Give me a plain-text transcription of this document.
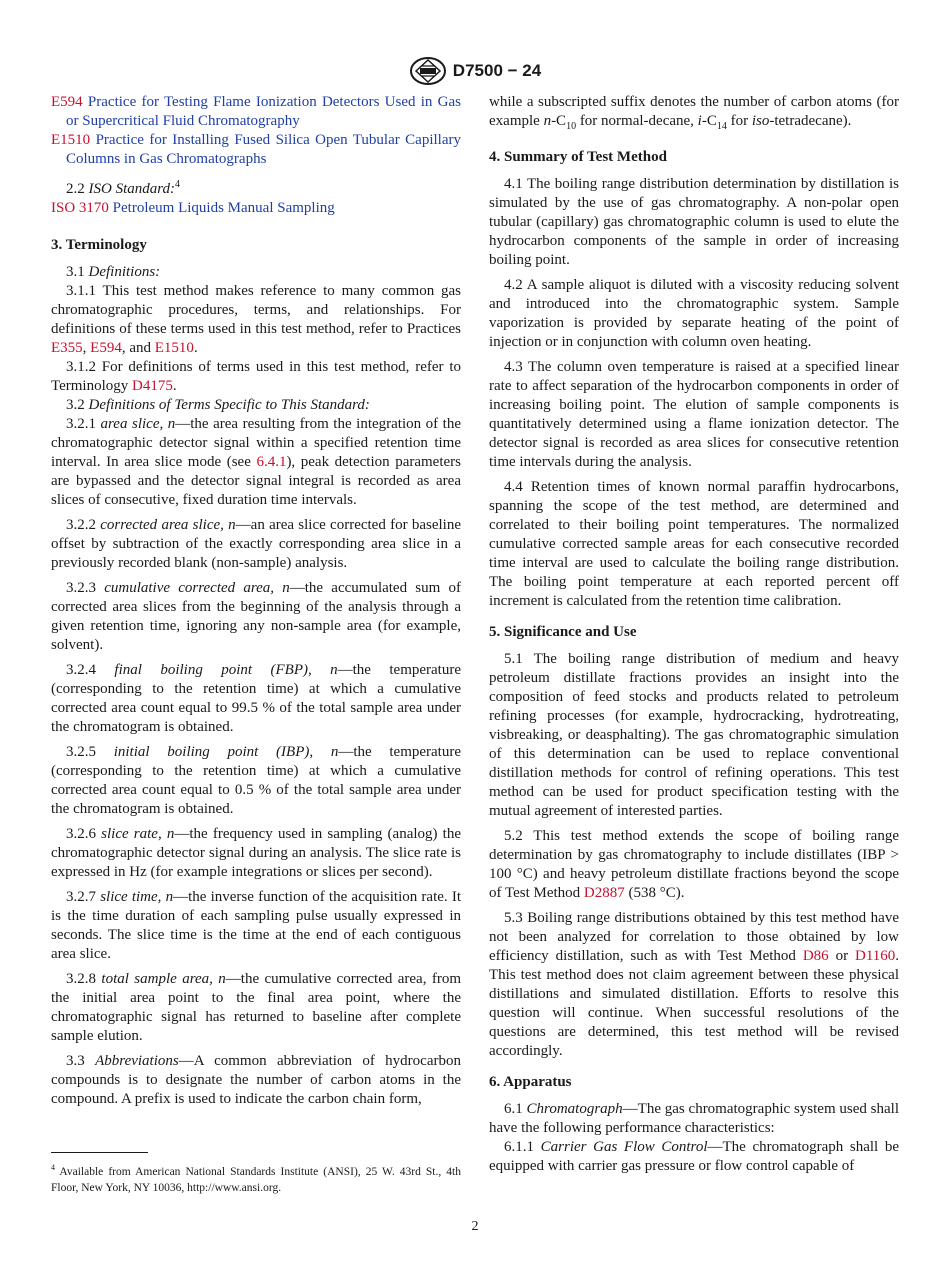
D7500 − 24

E594 Practice for Testing Flame Ionization Detectors Used in Gas or Supercritical Fluid Chromatography

E1510 Practice for Installing Fused Silica Open Tubular Capillary Columns in Gas Chromatographs

2.2 ISO Standard:$^4$

ISO 3170 Petroleum Liquids Manual Sampling

3. Terminology

3.1 Definitions:

3.1.1 This test method makes reference to many common gas chromatographic procedures, terms, and relationships. For definitions of these terms used in this test method, refer to Practices E355, E594, and E1510.

3.1.2 For definitions of terms used in this test method, refer to Terminology D4175.

3.2 Definitions of Terms Specific to This Standard:

3.2.1 area slice, n—the area resulting from the integration of the chromatographic detector signal within a specified retention time interval. In area slice mode (see 6.4.1), peak detection parameters are bypassed and the detector signal integral is recorded as area slices of consecutive, fixed duration time intervals.

3.2.2 corrected area slice, n—an area slice corrected for baseline offset by subtraction of the exactly corresponding area slice in a previously recorded blank (non-sample) analysis.

3.2.3 cumulative corrected area, n—the accumulated sum of corrected area slices from the beginning of the analysis through a given retention time, ignoring any non-sample area (for example, solvent).

3.2.4 final boiling point (FBP), n—the temperature (corresponding to the retention time) at which a cumulative corrected area count equal to 99.5 % of the total sample area under the chromatogram is obtained.

3.2.5 initial boiling point (IBP), n—the temperature (corresponding to the retention time) at which a cumulative corrected area count equal to 0.5 % of the total sample area under the chromatogram is obtained.

3.2.6 slice rate, n—the frequency used in sampling (analog) the chromatographic detector signal during an analysis. The slice rate is expressed in Hz (for example integrations or slices per second).

3.2.7 slice time, n—the inverse function of the acquisition rate. It is the time duration of each sampling pulse usually expressed in seconds. The slice time is the time at the end of each contiguous area slice.

3.2.8 total sample area, n—the cumulative corrected area, from the initial area point to the final area point, where the chromatographic signal has returned to baseline after complete sample elution.

3.3 Abbreviations—A common abbreviation of hydrocarbon compounds is to designate the number of carbon atoms in the compound. A prefix is used to indicate the carbon chain form,

$^4$ Available from American National Standards Institute (ANSI), 25 W. 43rd St., 4th Floor, New York, NY 10036, http://www.ansi.org.

while a subscripted suffix denotes the number of carbon atoms (for example $n-C_{10}$ for normal-decane, $i-C_{14}$ for iso-tetradecane).

4. Summary of Test Method

4.1 The boiling range distribution determination by distillation is simulated by the use of gas chromatography. A non-polar open tubular (capillary) gas chromatographic column is used to elute the hydrocarbon components of the sample in order of increasing boiling point.

4.2 A sample aliquot is diluted with a viscosity reducing solvent and introduced into the chromatographic system. Sample vaporization is provided by separate heating of the point of injection or in conjunction with column oven heating.

4.3 The column oven temperature is raised at a specified linear rate to affect separation of the hydrocarbon components in order of increasing boiling point. The elution of sample components is quantitatively determined using a flame ionization detector. The detector signal is recorded as area slices for consecutive retention time intervals during the analysis.

4.4 Retention times of known normal paraffin hydrocarbons, spanning the scope of the test method, are determined and correlated to their boiling point temperatures. The normalized cumulative corrected sample areas for each consecutive recorded time interval are used to calculate the boiling range distribution. The boiling point temperature at each reported percent off increment is calculated from the retention time calibration.

5. Significance and Use

5.1 The boiling range distribution of medium and heavy petroleum distillate fractions provides an insight into the composition of feed stocks and products related to petroleum refining processes (for example, hydrocracking, hydrotreating, visbreaking, or deasphalting). The gas chromatographic simulation of this determination can be used to replace conventional distillation methods for control of refining operations. This test method can be used for product specification testing with the mutual agreement of interested parties.

5.2 This test method extends the scope of boiling range determination by gas chromatography to include distillates (IBP > 100 °C) and heavy petroleum distillate fractions beyond the scope of Test Method D2887 (538 °C).

5.3 Boiling range distributions obtained by this test method have not been analyzed for correlation to those obtained by low efficiency distillation, such as with Test Method D86 or D1160. This test method does not claim agreement between these physical distillations and simulated distillation. Efforts to resolve this question will continue. When successful resolutions of the questions are determined, this test method will be revised accordingly.

6. Apparatus

6.1 Chromatograph—The gas chromatographic system used shall have the following performance characteristics:

6.1.1 Carrier Gas Flow Control—The chromatograph shall be equipped with carrier gas pressure or flow control capable of

2
